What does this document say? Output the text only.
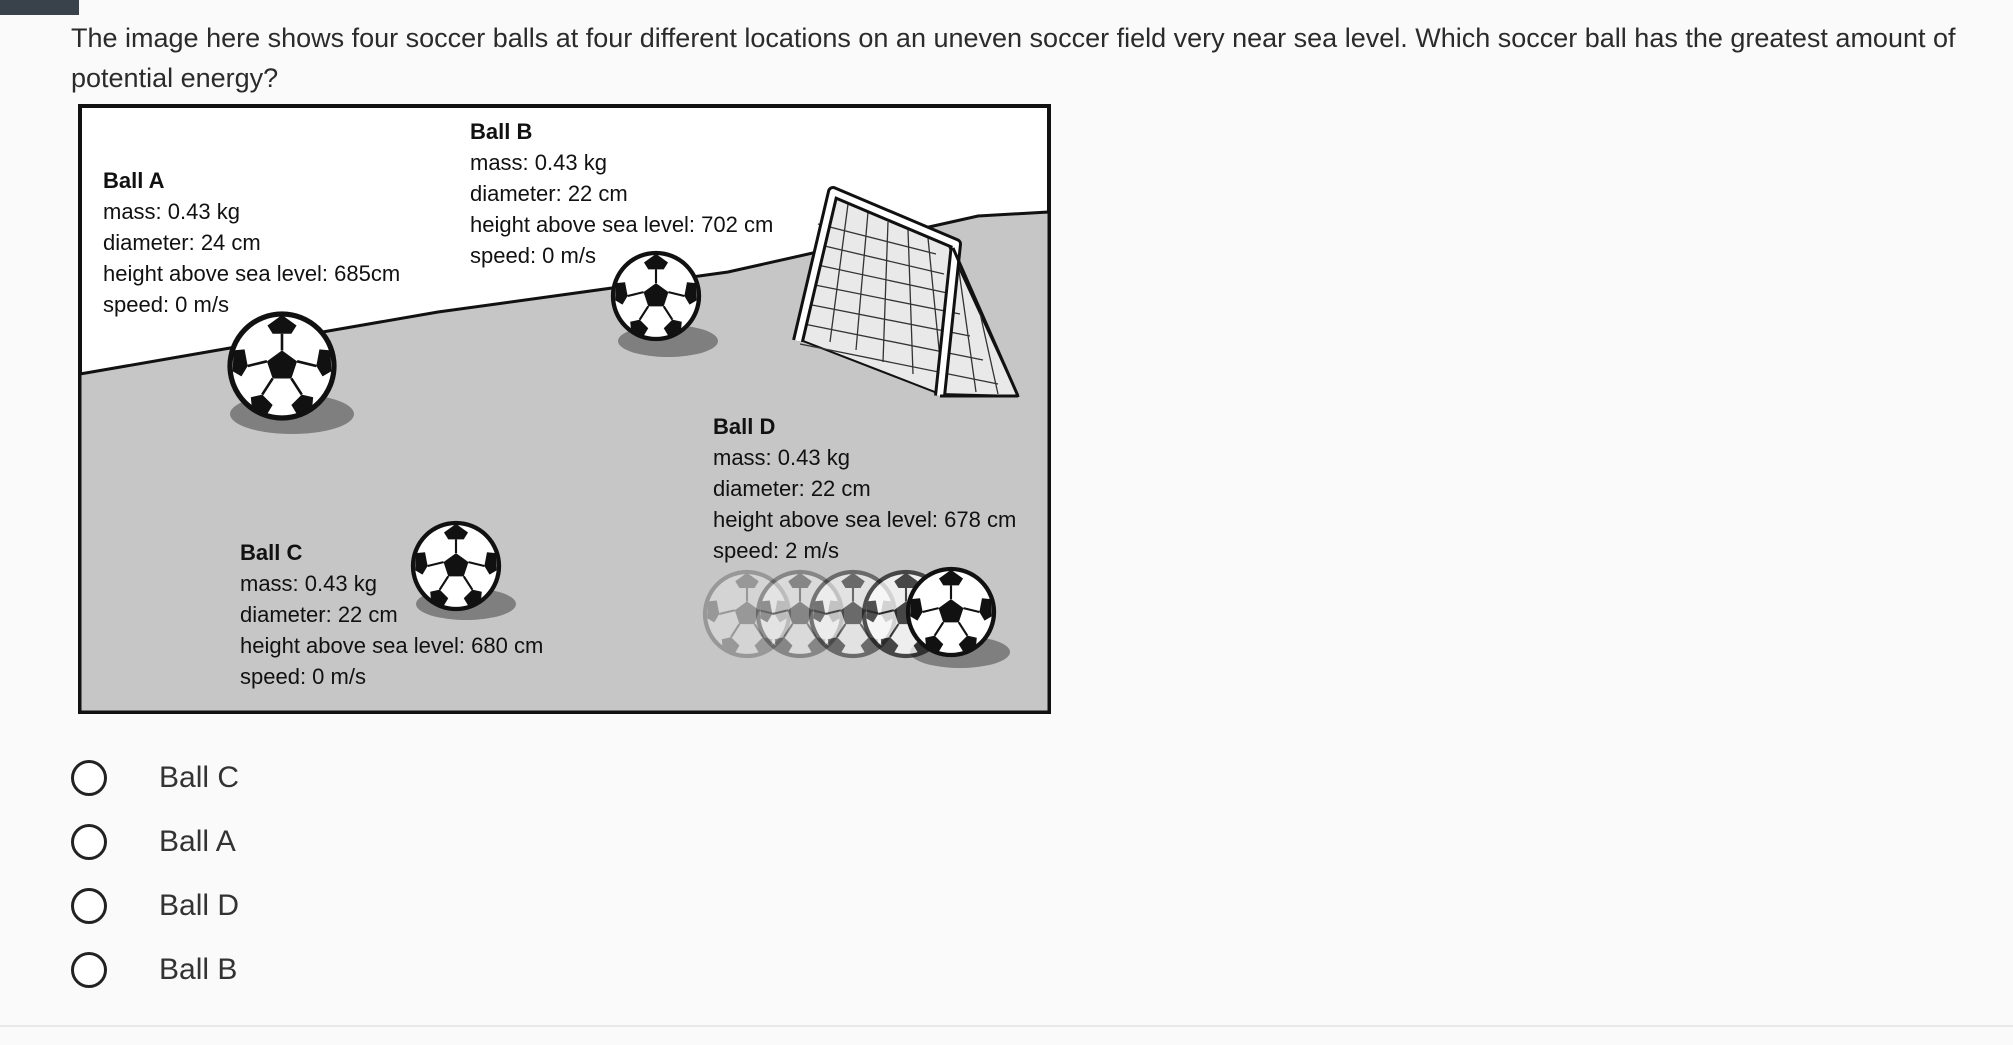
The image here shows four soccer balls at four different locations on an uneven soccer field very near sea level. Which soccer ball has the greatest amount of potential energy?
Ball A
mass: 0.43 kg
diameter: 24 cm
height above sea level: 685cm
speed: 0 m/s
Ball B
mass: 0.43 kg
diameter: 22 cm
height above sea level: 702 cm
speed: 0 m/s
Ball C
mass: 0.43 kg
diameter: 22 cm
height above sea level: 680 cm
speed: 0 m/s
Ball D
mass: 0.43 kg
diameter: 22 cm
height above sea level: 678 cm
speed: 2 m/s
Ball C
Ball A
Ball D
Ball B
